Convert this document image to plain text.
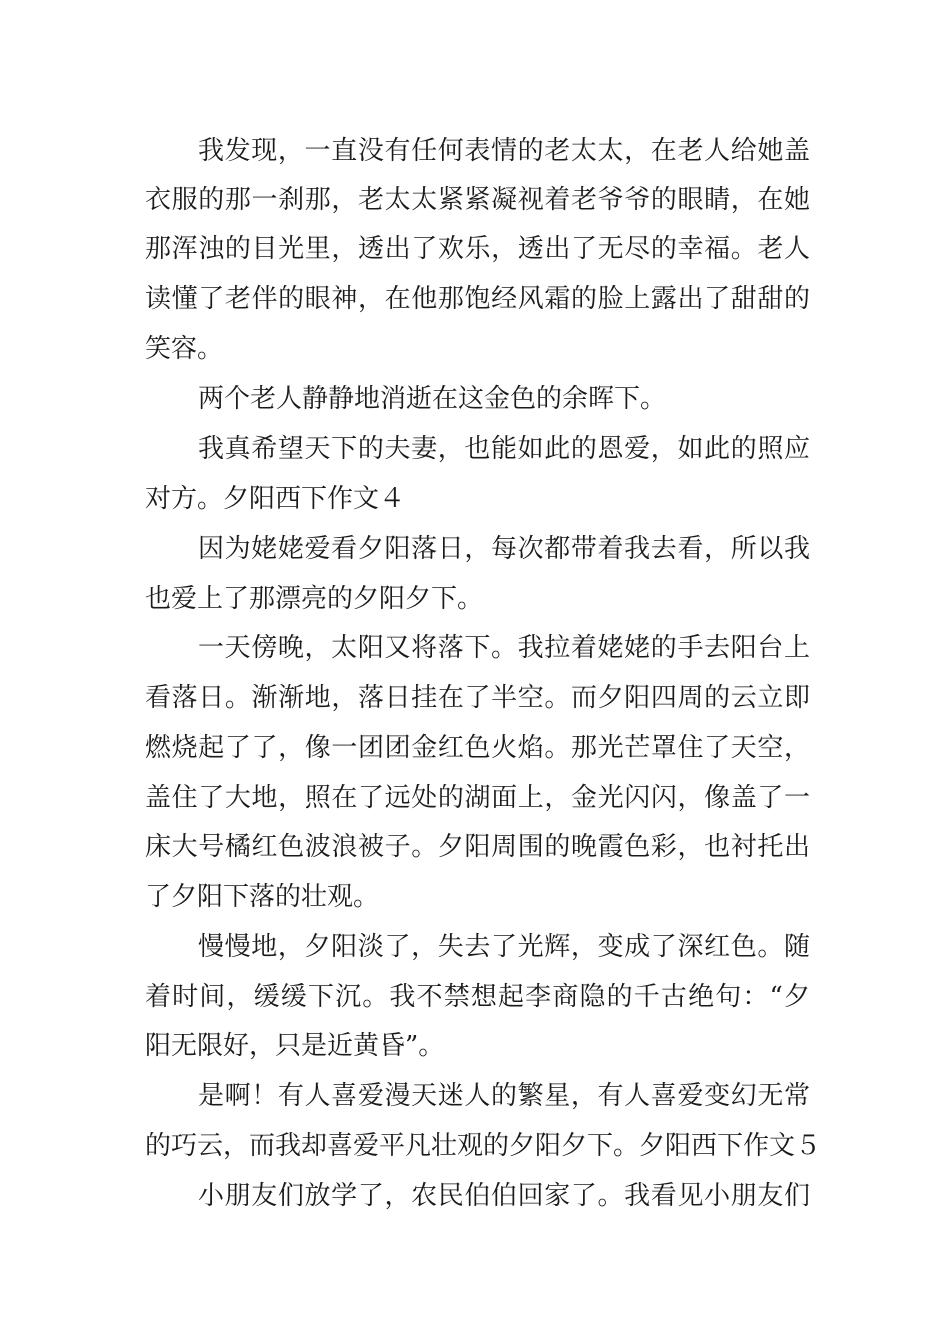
我发现，一直没有任何表情的老太太，在老人给她盖
衣服的那一刹那，老太太紧紧凝视着老爷爷的眼睛，在她
那浑浊的目光里，透出了欢乐，透出了无尽的幸福。老人
读懂了老伴的眼神，在他那饱经风霜的脸上露出了甜甜的
笑容。
两个老人静静地消逝在这金色的余晖下。
我真希望天下的夫妻，也能如此的恩爱，如此的照应
对方。夕阳西下作文４
因为姥姥爱看夕阳落日，每次都带着我去看，所以我
也爱上了那漂亮的夕阳夕下。
一天傍晚，太阳又将落下。我拉着姥姥的手去阳台上
看落日。渐渐地，落日挂在了半空。而夕阳四周的云立即
燃烧起了了，像一团团金红色火焰。那光芒罩住了天空，
盖住了大地，照在了远处的湖面上，金光闪闪，像盖了一
床大号橘红色波浪被子。夕阳周围的晚霞色彩，也衬托出
了夕阳下落的壮观。
慢慢地，夕阳淡了，失去了光辉，变成了深红色。随
着时间，缓缓下沉。我不禁想起李商隐的千古绝句：“夕
阳无限好，只是近黄昏”。
是啊！有人喜爱漫天迷人的繁星，有人喜爱变幻无常
的巧云，而我却喜爱平凡壮观的夕阳夕下。夕阳西下作文５
小朋友们放学了，农民伯伯回家了。我看见小朋友们
